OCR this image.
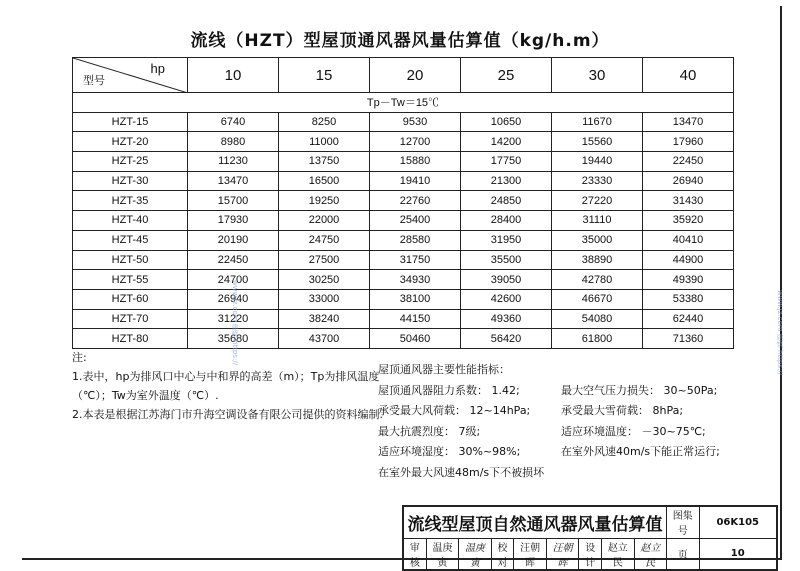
流线（HZT）型屋顶通风器风量估算值（kg/h.m）
hp
型号	10	15	20	25	30	40
Tp－Tw＝15℃						
HZT-15	6740	8250	9530	10650	11670	13470
HZT-20	8980	11000	12700	14200	15560	17960
HZT-25	11230	13750	15880	17750	19440	22450
HZT-30	13470	16500	19410	21300	23330	26940
HZT-35	15700	19250	22760	24850	27220	31430
HZT-40	17930	22000	25400	28400	31110	35920
HZT-45	20190	24750	28580	31950	35000	40410
HZT-50	22450	27500	31750	35500	38890	44900
HZT-55	24700	30250	34930	39050	42780	49390
HZT-60	26940	33000	38100	42600	46670	53380
HZT-70	31220	38240	44150	49360	54080	62440
HZT-80	35680	43700	50460	56420	61800	71360
注:
1.表中，hp为排风口中心与中和界的高差（m）；Tp为排风温度
（℃）；Tw为室外温度（℃）.
2.本表是根据江苏海门市升海空调设备有限公司提供的资料编制.
屋顶通风器主要性能指标：
屋顶通风器阻力系数： 1.42;	最大空气压力损失： 30~50Pa;
承受最大风荷载： 12~14hPa;	承受最大雪荷载： 8hPa;
最大抗震烈度： 7级;	适应环境温度： －30~75℃;
适应环境湿度： 30%~98%;	在室外风速40m/s下能正常运行;
在室外最大风速48m/s下不被损坏
www.jz.com 建筑 https://	www.jz.com 建筑 https://
流线型屋顶自然通风器风量估算值									图集号	06K105
审核	温庚寅	温庚寅	校对	汪朝晖	汪朝晖	设计	赵立民	赵立民	页	10
